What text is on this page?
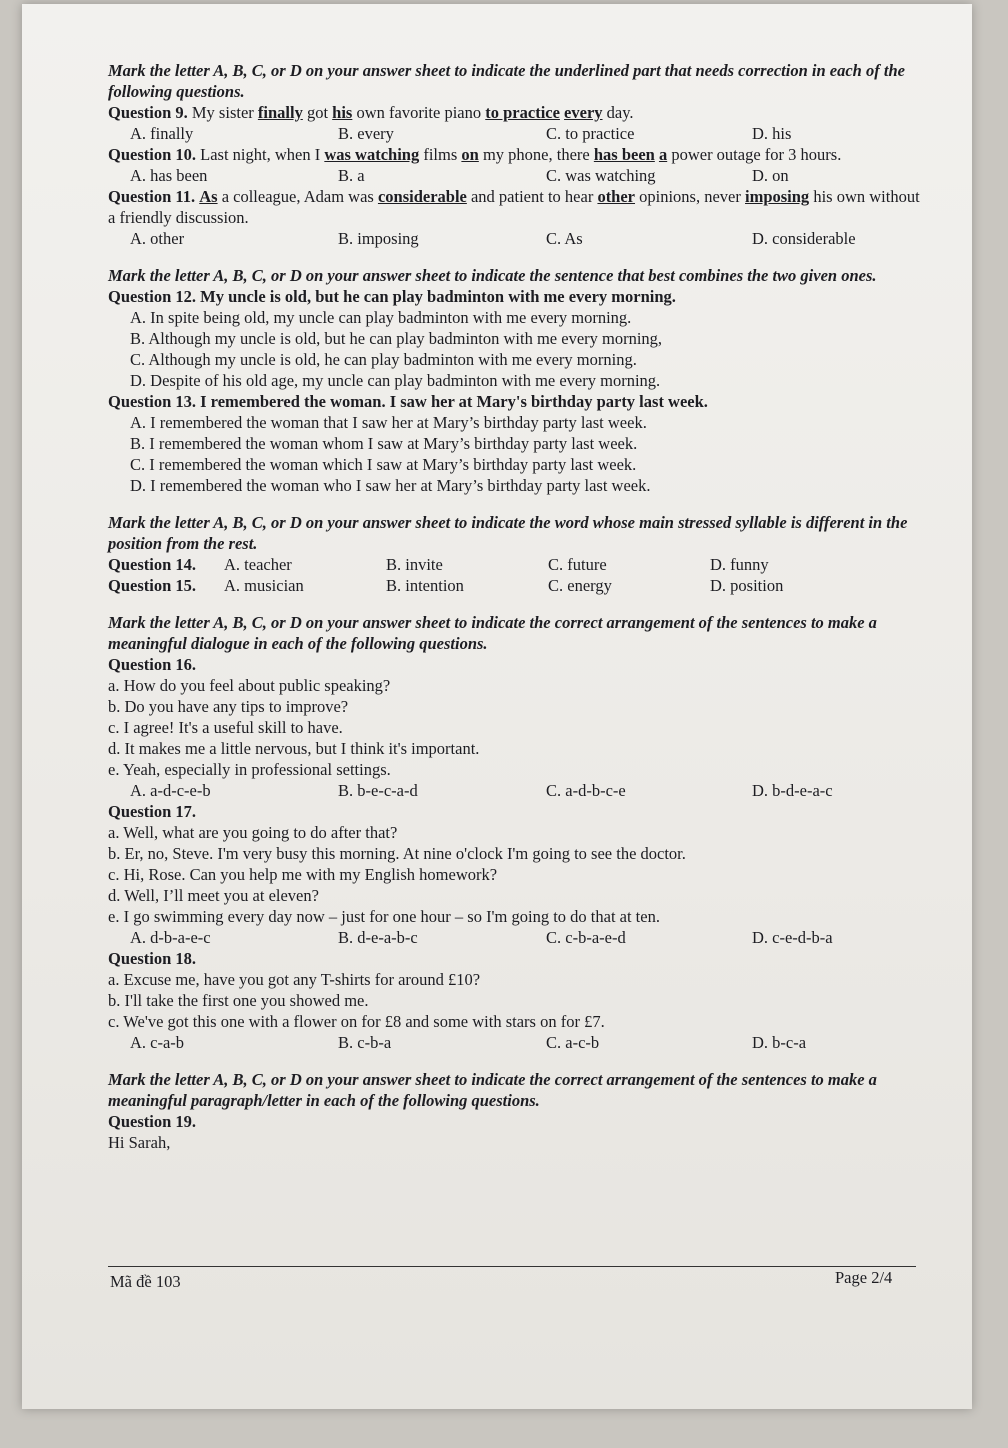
Mark the letter A, B, C, or D on your answer sheet to indicate the underlined part that needs correction in each of the following questions.

Question 9. My sister finally got his own favorite piano to practice every day.

A. finally	B. every	C. to practice	D. his

Question 10. Last night, when I was watching films on my phone, there has been a power outage for 3 hours.

A. has been	B. a	C. was watching	D. on

Question 11. As a colleague, Adam was considerable and patient to hear other opinions, never imposing his own without a friendly discussion.

A. other	B. imposing	C. As	D. considerable

Mark the letter A, B, C, or D on your answer sheet to indicate the sentence that best combines the two given ones.

Question 12. My uncle is old, but he can play badminton with me every morning.

A. In spite being old, my uncle can play badminton with me every morning.

B. Although my uncle is old, but he can play badminton with me every morning,

C. Although my uncle is old, he can play badminton with me every morning.

D. Despite of his old age, my uncle can play badminton with me every morning.

Question 13. I remembered the woman. I saw her at Mary's birthday party last week.

A. I remembered the woman that I saw her at Mary’s birthday party last week.

B. I remembered the woman whom I saw at Mary’s birthday party last week.

C. I remembered the woman which I saw at Mary’s birthday party last week.

D. I remembered the woman who I saw her at Mary’s birthday party last week.

Mark the letter A, B, C, or D on your answer sheet to indicate the word whose main stressed syllable is different in the position from the rest.

Question 14. A. teacher	B. invite	C. future	D. funny
Question 15. A. musician	B. intention	C. energy	D. position

Mark the letter A, B, C, or D on your answer sheet to indicate the correct arrangement of the sentences to make a meaningful dialogue in each of the following questions.

Question 16.

a. How do you feel about public speaking?

b. Do you have any tips to improve?

c. I agree! It's a useful skill to have.

d. It makes me a little nervous, but I think it's important.

e. Yeah, especially in professional settings.

A. a-d-c-e-b	B. b-e-c-a-d	C. a-d-b-c-e	D. b-d-e-a-c

Question 17.

a. Well, what are you going to do after that?

b. Er, no, Steve. I'm very busy this morning. At nine o'clock I'm going to see the doctor.

c. Hi, Rose. Can you help me with my English homework?

d. Well, I’ll meet you at eleven?

e. I go swimming every day now – just for one hour – so I'm going to do that at ten.

A. d-b-a-e-c	B. d-e-a-b-c	C. c-b-a-e-d	D. c-e-d-b-a

Question 18.

a. Excuse me, have you got any T-shirts for around £10?

b. I'll take the first one you showed me.

c. We've got this one with a flower on for £8 and some with stars on for £7.

A. c-a-b	B. c-b-a	C. a-c-b	D. b-c-a

Mark the letter A, B, C, or D on your answer sheet to indicate the correct arrangement of the sentences to make a meaningful paragraph/letter in each of the following questions.

Question 19.

Hi Sarah,

Mã đề 103	Page 2/4
